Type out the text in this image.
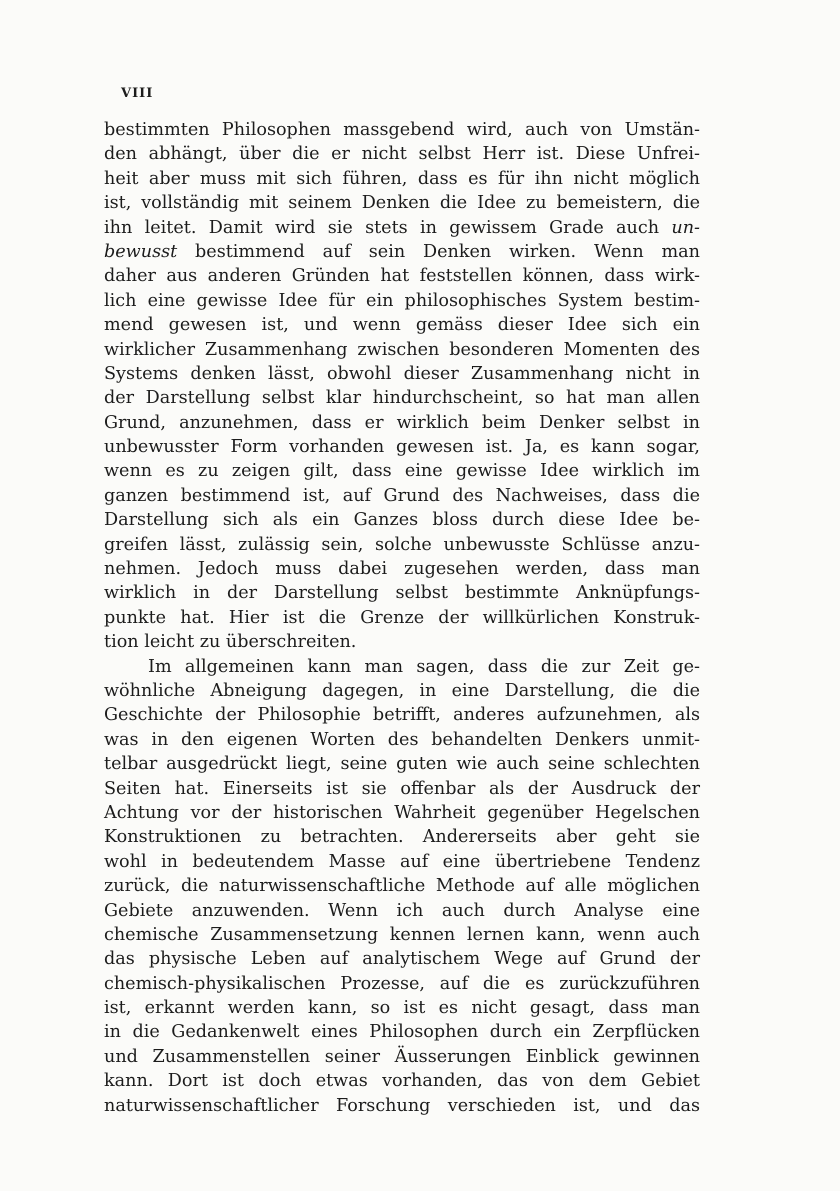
VIII
bestimmten Philosophen massgebend wird, auch von Umstän-
den abhängt, über die er nicht selbst Herr ist. Diese Unfrei-
heit aber muss mit sich führen, dass es für ihn nicht möglich
ist, vollständig mit seinem Denken die Idee zu bemeistern, die
ihn leitet. Damit wird sie stets in gewissem Grade auch un-
bewusst bestimmend auf sein Denken wirken. Wenn man
daher aus anderen Gründen hat feststellen können, dass wirk-
lich eine gewisse Idee für ein philosophisches System bestim-
mend gewesen ist, und wenn gemäss dieser Idee sich ein
wirklicher Zusammenhang zwischen besonderen Momenten des
Systems denken lässt, obwohl dieser Zusammenhang nicht in
der Darstellung selbst klar hindurchscheint, so hat man allen
Grund, anzunehmen, dass er wirklich beim Denker selbst in
unbewusster Form vorhanden gewesen ist. Ja, es kann sogar,
wenn es zu zeigen gilt, dass eine gewisse Idee wirklich im
ganzen bestimmend ist, auf Grund des Nachweises, dass die
Darstellung sich als ein Ganzes bloss durch diese Idee be-
greifen lässt, zulässig sein, solche unbewusste Schlüsse anzu-
nehmen. Jedoch muss dabei zugesehen werden, dass man
wirklich in der Darstellung selbst bestimmte Anknüpfungs-
punkte hat. Hier ist die Grenze der willkürlichen Konstruk-
tion leicht zu überschreiten.
Im allgemeinen kann man sagen, dass die zur Zeit ge-
wöhnliche Abneigung dagegen, in eine Darstellung, die die
Geschichte der Philosophie betrifft, anderes aufzunehmen, als
was in den eigenen Worten des behandelten Denkers unmit-
telbar ausgedrückt liegt, seine guten wie auch seine schlechten
Seiten hat. Einerseits ist sie offenbar als der Ausdruck der
Achtung vor der historischen Wahrheit gegenüber Hegelschen
Konstruktionen zu betrachten. Andererseits aber geht sie
wohl in bedeutendem Masse auf eine übertriebene Tendenz
zurück, die naturwissenschaftliche Methode auf alle möglichen
Gebiete anzuwenden. Wenn ich auch durch Analyse eine
chemische Zusammensetzung kennen lernen kann, wenn auch
das physische Leben auf analytischem Wege auf Grund der
chemisch-physikalischen Prozesse, auf die es zurückzuführen
ist, erkannt werden kann, so ist es nicht gesagt, dass man
in die Gedankenwelt eines Philosophen durch ein Zerpflücken
und Zusammenstellen seiner Äusserungen Einblick gewinnen
kann. Dort ist doch etwas vorhanden, das von dem Gebiet
naturwissenschaftlicher Forschung verschieden ist, und das
